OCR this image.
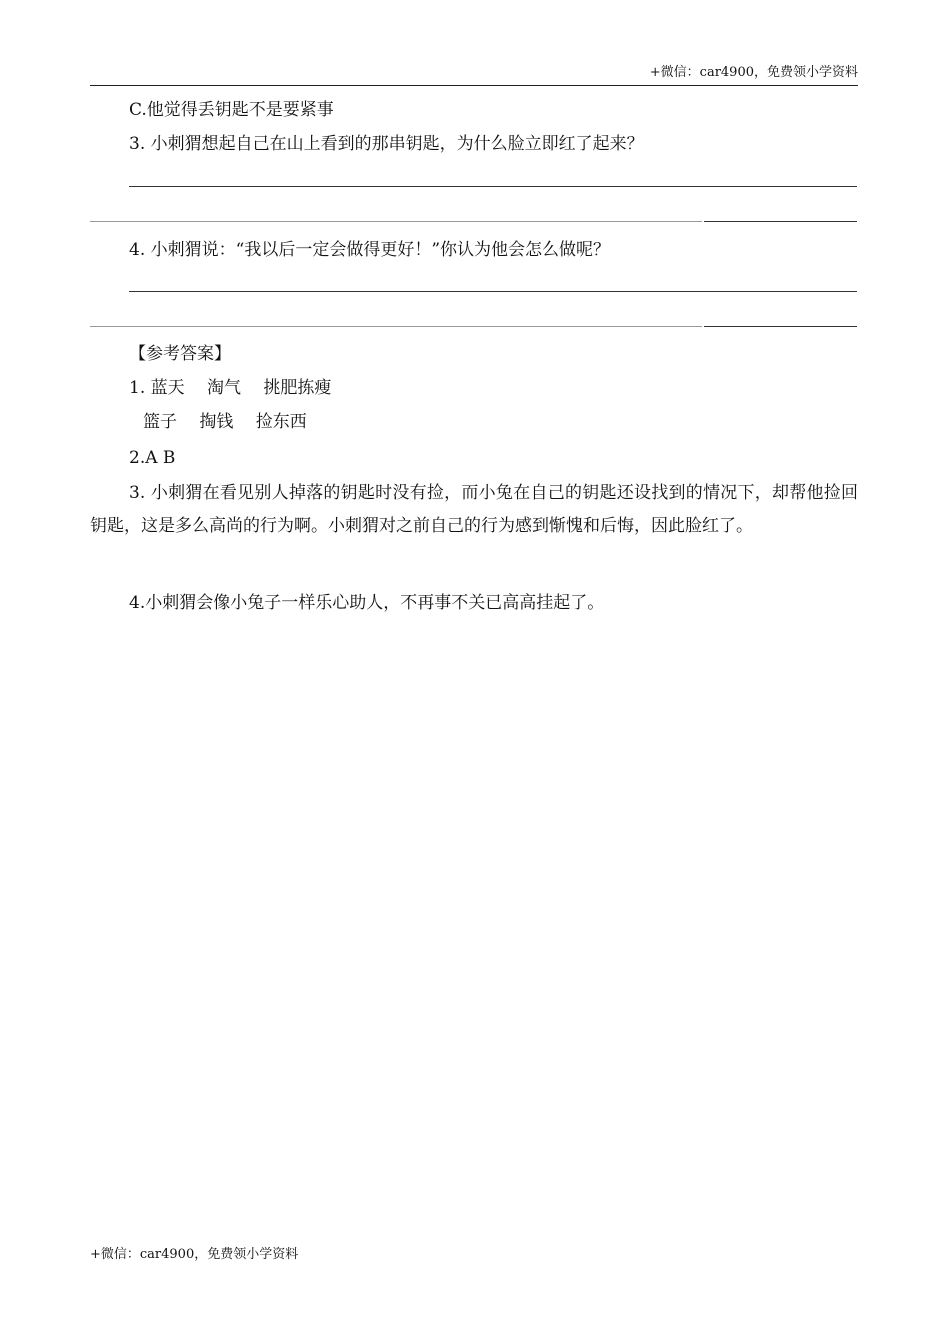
+微信：car4900，免费领小学资料
C.他觉得丢钥匙不是要紧事
3. 小刺猬想起自己在山上看到的那串钥匙，为什么脸立即红了起来？
4. 小刺猬说：“我以后一定会做得更好！”你认为他会怎么做呢？
【参考答案】
1. 蓝天　 淘气　 挑肥拣瘦
篮子　 掏钱　 捡东西
2.A B
3. 小刺猬在看见别人掉落的钥匙时没有捡，而小兔在自己的钥匙还设找到的情况下，却帮他捡回钥匙，这是多么高尚的行为啊。小刺猬对之前自己的行为感到惭愧和后悔，因此脸红了。
4.小刺猬会像小兔子一样乐心助人，不再事不关已高高挂起了。
+微信：car4900，免费领小学资料
